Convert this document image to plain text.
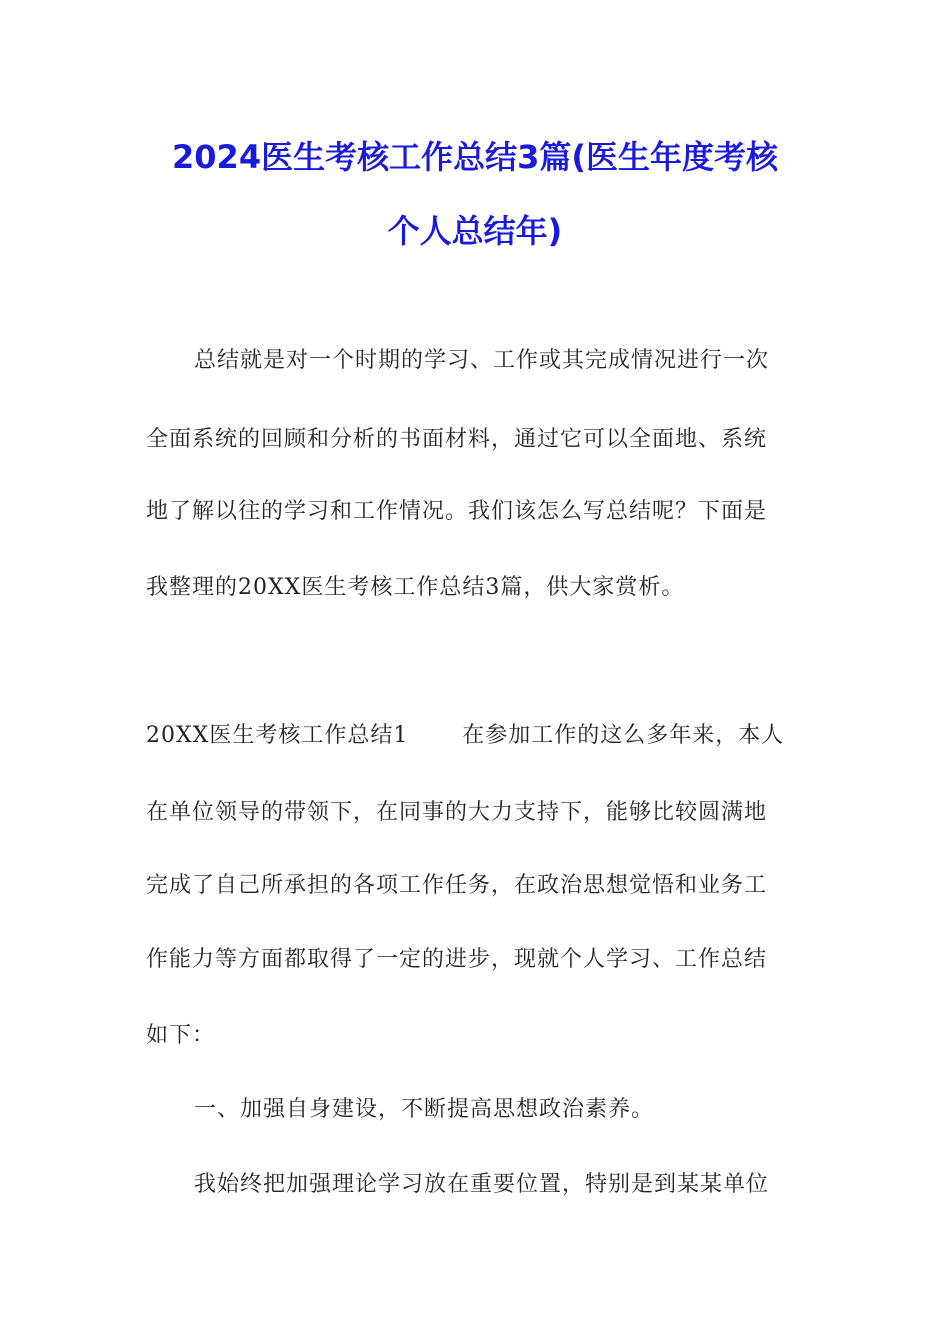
2024医生考核工作总结3篇(医生年度考核
个人总结年)
总结就是对一个时期的学习、工作或其完成情况进行一次
全面系统的回顾和分析的书面材料，通过它可以全面地、系统
地了解以往的学习和工作情况。我们该怎么写总结呢？下面是
我整理的20XX医生考核工作总结3篇，供大家赏析。
20XX医生考核工作总结1　　 在参加工作的这么多年来，本人
在单位领导的带领下，在同事的大力支持下，能够比较圆满地
完成了自己所承担的各项工作任务，在政治思想觉悟和业务工
作能力等方面都取得了一定的进步，现就个人学习、工作总结
如下：
一、加强自身建设，不断提高思想政治素养。
我始终把加强理论学习放在重要位置，特别是到某某单位
